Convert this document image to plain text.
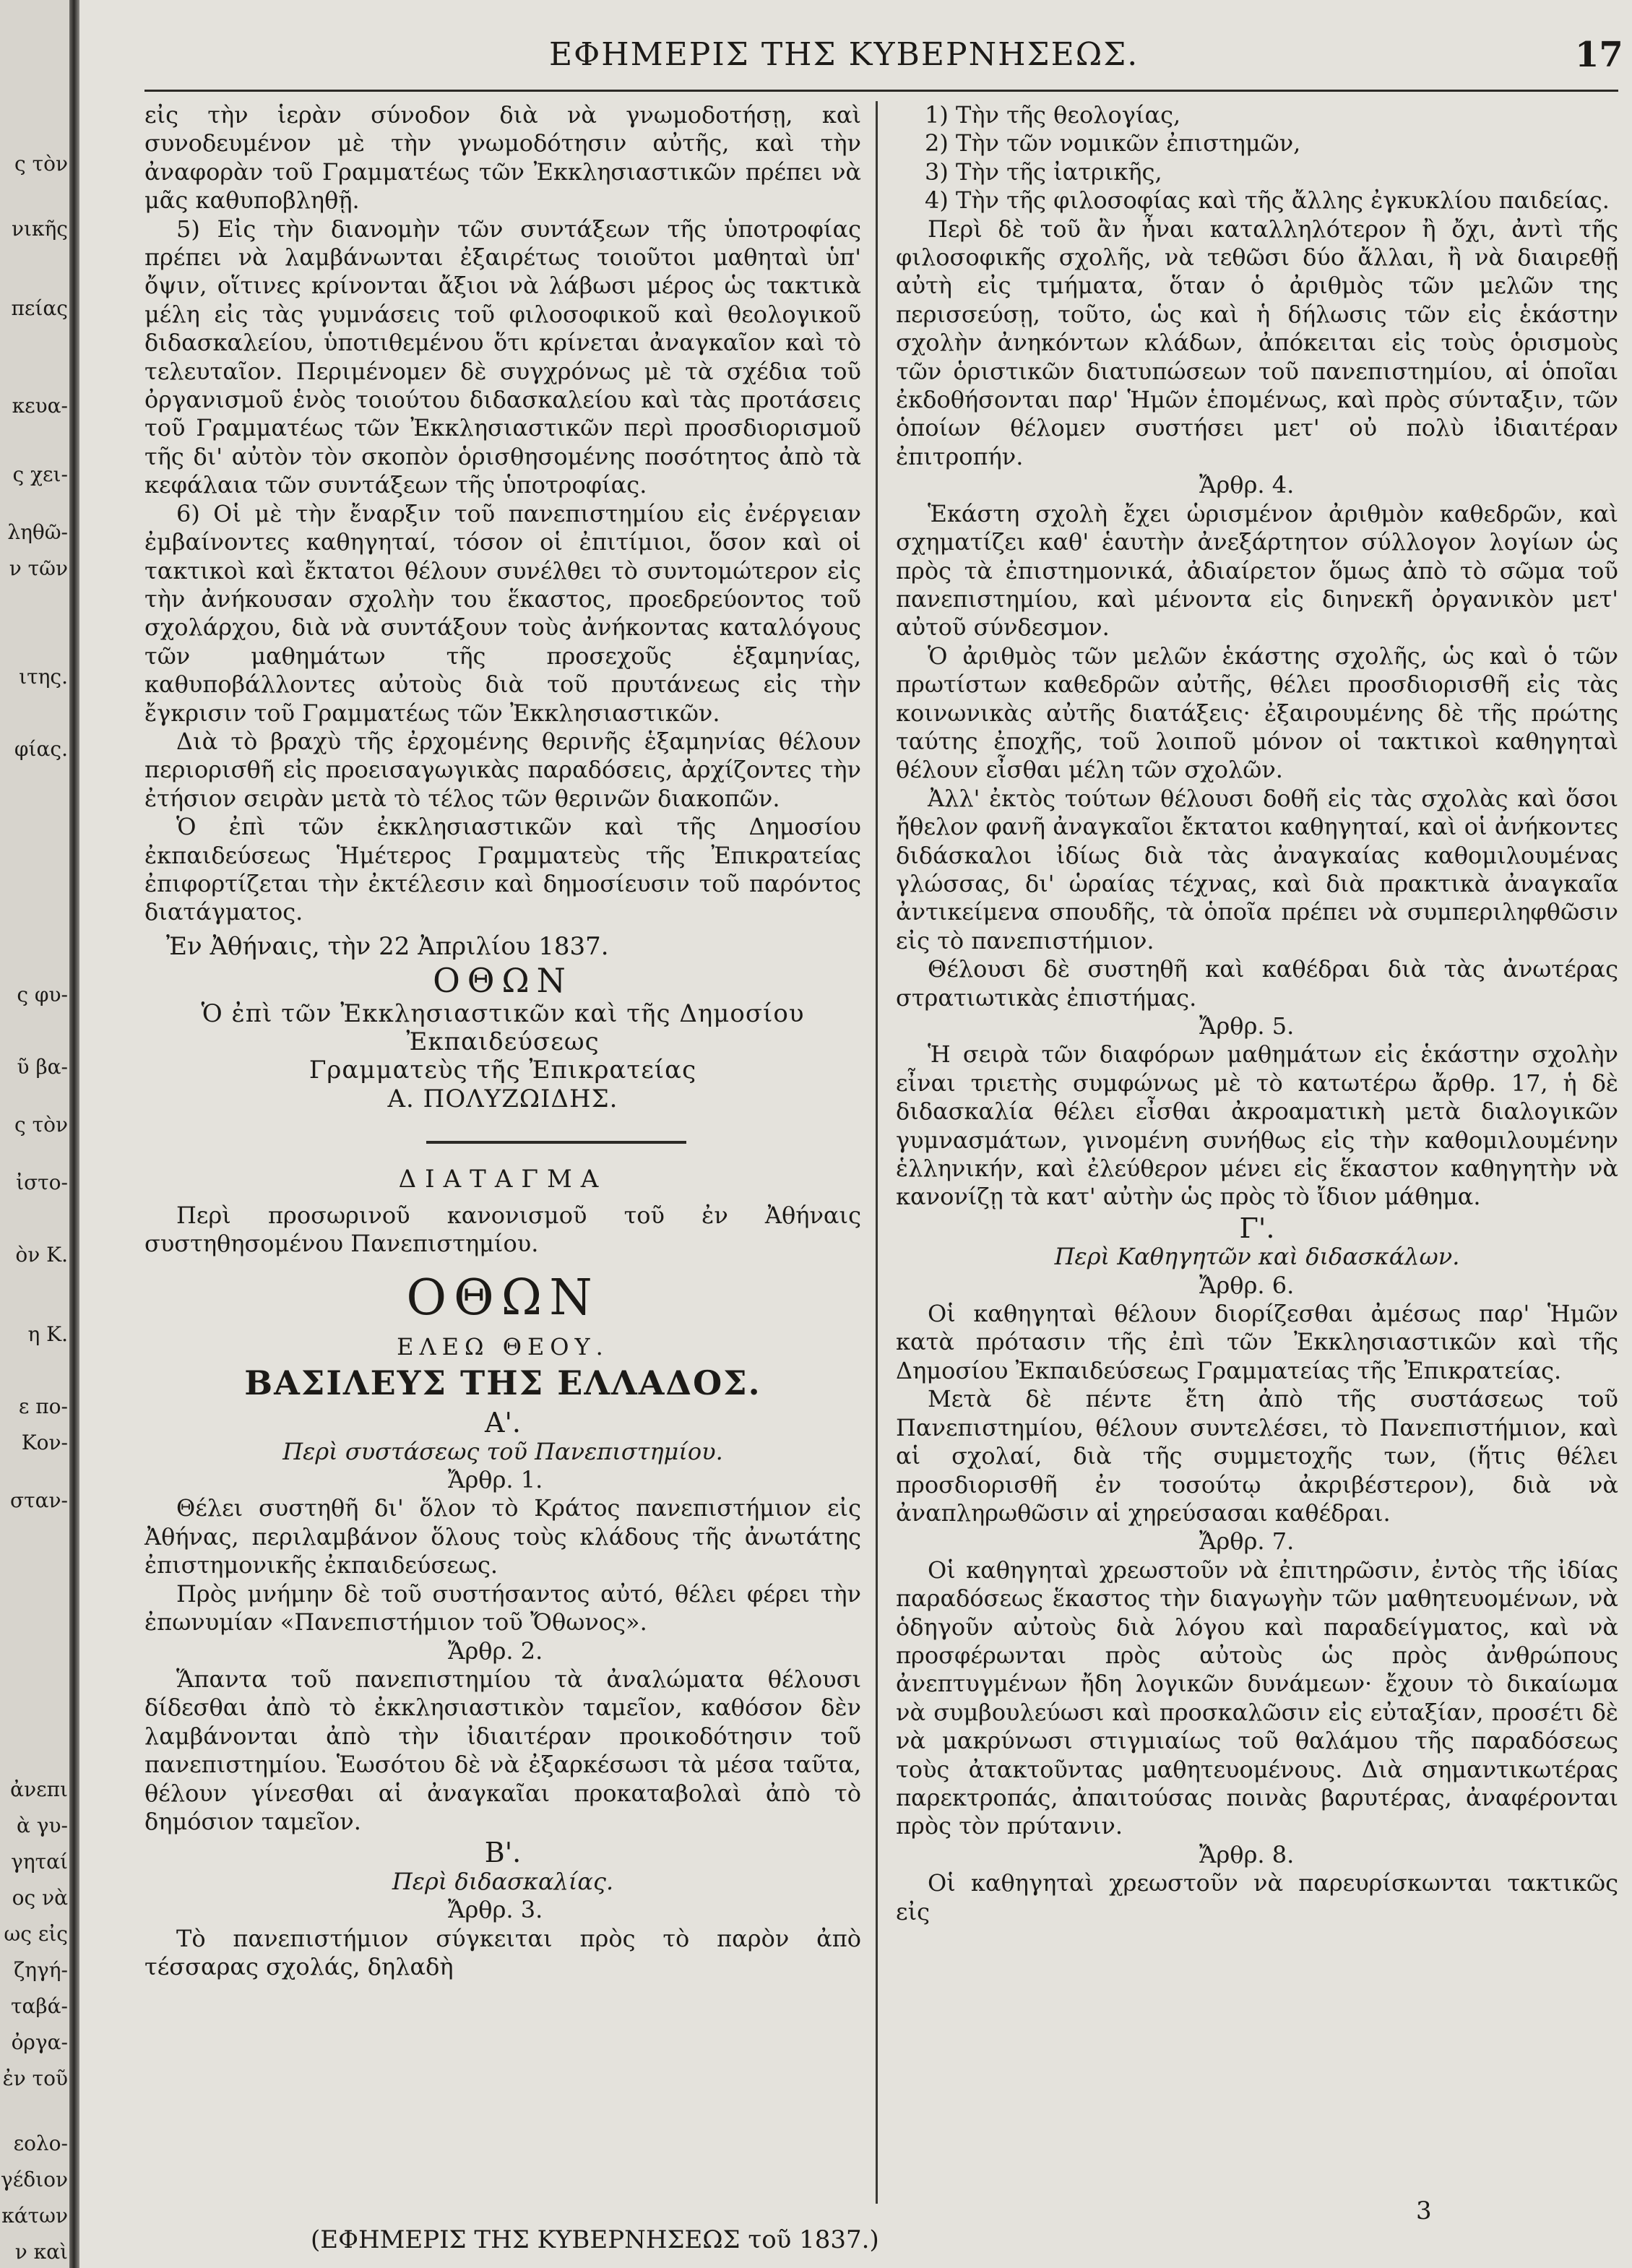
ς τὸν
νικῆς
πείας
κευα-
ς χει-
ληθῶ-
ν τῶν
ιτης.
φίας.
ς φυ-
ῦ βα-
ς τὸν
ἰστο-
ὸν Κ.
η Κ.
ε πο-
Κον-
σταν-
ἀνεπι
ὰ γυ-
γηταί
ος νὰ
ως εἰς
ζηγή-
ταβά-
ὀργα-
ἐν τοῦ
εολο-
γέδιον
κάτων
ν καὶ
ΕΦΗΜΕΡΙΣ ΤΗΣ ΚΥΒΕΡΝΗΣΕΩΣ.	17

εἰς τὴν ἱερὰν σύνοδον διὰ νὰ γνωμοδοτήσῃ, καὶ συνοδευμένον μὲ τὴν γνωμοδότησιν αὐτῆς, καὶ τὴν ἀναφορὰν τοῦ Γραμματέως τῶν Ἐκκλησιαστικῶν πρέπει νὰ μᾶς καθυποβληθῇ.

5) Εἰς τὴν διανομὴν τῶν συντάξεων τῆς ὑποτροφίας πρέπει νὰ λαμβάνωνται ἐξαιρέτως τοιοῦτοι μαθηταὶ ὑπ' ὄψιν, οἵτινες κρίνονται ἄξιοι νὰ λάβωσι μέρος ὡς τακτικὰ μέλη εἰς τὰς γυμνάσεις τοῦ φιλοσοφικοῦ καὶ θεολογικοῦ διδασκαλείου, ὑποτιθεμένου ὅτι κρίνεται ἀναγκαῖον καὶ τὸ τελευταῖον. Περιμένομεν δὲ συγχρόνως μὲ τὰ σχέδια τοῦ ὀργανισμοῦ ἑνὸς τοιούτου διδασκαλείου καὶ τὰς προτάσεις τοῦ Γραμματέως τῶν Ἐκκλησιαστικῶν περὶ προσδιορισμοῦ τῆς δι' αὐτὸν τὸν σκοπὸν ὁρισθησομένης ποσότητος ἀπὸ τὰ κεφάλαια τῶν συντάξεων τῆς ὑποτροφίας.

6) Οἱ μὲ τὴν ἔναρξιν τοῦ πανεπιστημίου εἰς ἐνέργειαν ἐμβαίνοντες καθηγηταί, τόσον οἱ ἐπιτίμιοι, ὅσον καὶ οἱ τακτικοὶ καὶ ἔκτατοι θέλουν συνέλθει τὸ συντομώτερον εἰς τὴν ἀνήκουσαν σχολὴν του ἕκαστος, προεδρεύοντος τοῦ σχολάρχου, διὰ νὰ συντάξουν τοὺς ἀνήκοντας καταλόγους τῶν μαθημάτων τῆς προσεχοῦς ἑξαμηνίας, καθυποβάλλοντες αὐτοὺς διὰ τοῦ πρυτάνεως εἰς τὴν ἔγκρισιν τοῦ Γραμματέως τῶν Ἐκκλησιαστικῶν.

Διὰ τὸ βραχὺ τῆς ἐρχομένης θερινῆς ἑξαμηνίας θέλουν περιορισθῆ εἰς προεισαγωγικὰς παραδόσεις, ἀρχίζοντες τὴν ἐτήσιον σειρὰν μετὰ τὸ τέλος τῶν θερινῶν διακοπῶν.

Ὁ ἐπὶ τῶν ἐκκλησιαστικῶν καὶ τῆς Δημοσίου ἐκπαιδεύσεως Ἡμέτερος Γραμματεὺς τῆς Ἐπικρατείας ἐπιφορτίζεται τὴν ἐκτέλεσιν καὶ δημοσίευσιν τοῦ παρόντος διατάγματος.

Ἐν Ἀθήναις, τὴν 22 Ἀπριλίου 1837.

ΟΘΩΝ

Ὁ ἐπὶ τῶν Ἐκκλησιαστικῶν καὶ τῆς Δημοσίου Ἐκπαιδεύσεως

Γραμματεὺς τῆς Ἐπικρατείας

Α. ΠΟΛΥΖΩΙΔΗΣ.

ΔΙΑΤΑΓΜΑ

Περὶ προσωρινοῦ κανονισμοῦ τοῦ ἐν Ἀθήναις συστηθησομένου Πανεπιστημίου.

ΟΘΩΝ

ΕΛΕΩ ΘΕΟΥ.

ΒΑΣΙΛΕΥΣ ΤΗΣ ΕΛΛΑΔΟΣ.

Α'.

Περὶ συστάσεως τοῦ Πανεπιστημίου.

Ἄρθρ. 1.

Θέλει συστηθῆ δι' ὅλον τὸ Κράτος πανεπιστήμιον εἰς Ἀθήνας, περιλαμβάνον ὅλους τοὺς κλάδους τῆς ἀνωτάτης ἐπιστημονικῆς ἐκπαιδεύσεως.

Πρὸς μνήμην δὲ τοῦ συστήσαντος αὐτό, θέλει φέρει τὴν ἐπωνυμίαν «Πανεπιστήμιον τοῦ Ὄθωνος».

Ἄρθρ. 2.

Ἅπαντα τοῦ πανεπιστημίου τὰ ἀναλώματα θέλουσι δίδεσθαι ἀπὸ τὸ ἐκκλησιαστικὸν ταμεῖον, καθόσον δὲν λαμβάνονται ἀπὸ τὴν ἰδιαιτέραν προικοδότησιν τοῦ πανεπιστημίου. Ἑωσότου δὲ νὰ ἐξαρκέσωσι τὰ μέσα ταῦτα, θέλουν γίνεσθαι αἱ ἀναγκαῖαι προκαταβολαὶ ἀπὸ τὸ δημόσιον ταμεῖον.

Β'.

Περὶ διδασκαλίας.

Ἄρθρ. 3.

Τὸ πανεπιστήμιον σύγκειται πρὸς τὸ παρὸν ἀπὸ τέσσαρας σχολάς, δηλαδὴ

1) Τὴν τῆς θεολογίας,

2) Τὴν τῶν νομικῶν ἐπιστημῶν,

3) Τὴν τῆς ἰατρικῆς,

4) Τὴν τῆς φιλοσοφίας καὶ τῆς ἄλλης ἐγκυκλίου παιδείας.

Περὶ δὲ τοῦ ἂν ἦναι καταλληλότερον ἢ ὄχι, ἀντὶ τῆς φιλοσοφικῆς σχολῆς, νὰ τεθῶσι δύο ἄλλαι, ἢ νὰ διαιρεθῇ αὐτὴ εἰς τμήματα, ὅταν ὁ ἀριθμὸς τῶν μελῶν της περισσεύσῃ, τοῦτο, ὡς καὶ ἡ δήλωσις τῶν εἰς ἑκάστην σχολὴν ἀνηκόντων κλάδων, ἀπόκειται εἰς τοὺς ὁρισμοὺς τῶν ὁριστικῶν διατυπώσεων τοῦ πανεπιστημίου, αἱ ὁποῖαι ἐκδοθήσονται παρ' Ἡμῶν ἑπομένως, καὶ πρὸς σύνταξιν, τῶν ὁποίων θέλομεν συστήσει μετ' οὐ πολὺ ἰδιαιτέραν ἐπιτροπήν.

Ἄρθρ. 4.

Ἑκάστη σχολὴ ἔχει ὡρισμένον ἀριθμὸν καθεδρῶν, καὶ σχηματίζει καθ' ἑαυτὴν ἀνεξάρτητον σύλλογον λογίων ὡς πρὸς τὰ ἐπιστημονικά, ἀδιαίρετον ὅμως ἀπὸ τὸ σῶμα τοῦ πανεπιστημίου, καὶ μένοντα εἰς διηνεκῆ ὀργανικὸν μετ' αὐτοῦ σύνδεσμον.

Ὁ ἀριθμὸς τῶν μελῶν ἑκάστης σχολῆς, ὡς καὶ ὁ τῶν πρωτίστων καθεδρῶν αὐτῆς, θέλει προσδιορισθῆ εἰς τὰς κοινωνικὰς αὐτῆς διατάξεις· ἐξαιρουμένης δὲ τῆς πρώτης ταύτης ἐποχῆς, τοῦ λοιποῦ μόνον οἱ τακτικοὶ καθηγηταὶ θέλουν εἶσθαι μέλη τῶν σχολῶν.

Ἀλλ' ἐκτὸς τούτων θέλουσι δοθῆ εἰς τὰς σχολὰς καὶ ὅσοι ἤθελον φανῆ ἀναγκαῖοι ἔκτατοι καθηγηταί, καὶ οἱ ἀνήκοντες διδάσκαλοι ἰδίως διὰ τὰς ἀναγκαίας καθομιλουμένας γλώσσας, δι' ὡραίας τέχνας, καὶ διὰ πρακτικὰ ἀναγκαῖα ἀντικείμενα σπουδῆς, τὰ ὁποῖα πρέπει νὰ συμπεριληφθῶσιν εἰς τὸ πανεπιστήμιον.

Θέλουσι δὲ συστηθῆ καὶ καθέδραι διὰ τὰς ἀνωτέρας στρατιωτικὰς ἐπιστήμας.

Ἄρθρ. 5.

Ἡ σειρὰ τῶν διαφόρων μαθημάτων εἰς ἑκάστην σχολὴν εἶναι τριετὴς συμφώνως μὲ τὸ κατωτέρω ἄρθρ. 17, ἡ δὲ διδασκαλία θέλει εἶσθαι ἀκροαματικὴ μετὰ διαλογικῶν γυμνασμάτων, γινομένη συνήθως εἰς τὴν καθομιλουμένην ἑλληνικήν, καὶ ἐλεύθερον μένει εἰς ἕκαστον καθηγητὴν νὰ κανονίζῃ τὰ κατ' αὐτὴν ὡς πρὸς τὸ ἴδιον μάθημα.

Γ'.

Περὶ Καθηγητῶν καὶ διδασκάλων.

Ἄρθρ. 6.

Οἱ καθηγηταὶ θέλουν διορίζεσθαι ἀμέσως παρ' Ἡμῶν κατὰ πρότασιν τῆς ἐπὶ τῶν Ἐκκλησιαστικῶν καὶ τῆς Δημοσίου Ἐκπαιδεύσεως Γραμματείας τῆς Ἐπικρατείας.

Μετὰ δὲ πέντε ἔτη ἀπὸ τῆς συστάσεως τοῦ Πανεπιστημίου, θέλουν συντελέσει, τὸ Πανεπιστήμιον, καὶ αἱ σχολαί, διὰ τῆς συμμετοχῆς των, (ἥτις θέλει προσδιορισθῆ ἐν τοσούτῳ ἀκριβέστερον), διὰ νὰ ἀναπληρωθῶσιν αἱ χηρεύσασαι καθέδραι.

Ἄρθρ. 7.

Οἱ καθηγηταὶ χρεωστοῦν νὰ ἐπιτηρῶσιν, ἐντὸς τῆς ἰδίας παραδόσεως ἕκαστος τὴν διαγωγὴν τῶν μαθητευομένων, νὰ ὁδηγοῦν αὐτοὺς διὰ λόγου καὶ παραδείγματος, καὶ νὰ προσφέρωνται πρὸς αὐτοὺς ὡς πρὸς ἀνθρώπους ἀνεπτυγμένων ἤδη λογικῶν δυνάμεων· ἔχουν τὸ δικαίωμα νὰ συμβουλεύωσι καὶ προσκαλῶσιν εἰς εὐταξίαν, προσέτι δὲ νὰ μακρύνωσι στιγμιαίως τοῦ θαλάμου τῆς παραδόσεως τοὺς ἀτακτοῦντας μαθητευομένους. Διὰ σημαντικωτέρας παρεκτροπάς, ἀπαιτούσας ποινὰς βαρυτέρας, ἀναφέρονται πρὸς τὸν πρύτανιν.

Ἄρθρ. 8.

Οἱ καθηγηταὶ χρεωστοῦν νὰ παρευρίσκωνται τακτικῶς εἰς

(ΕΦΗΜΕΡΙΣ ΤΗΣ ΚΥΒΕΡΝΗΣΕΩΣ τοῦ 1837.)
3
